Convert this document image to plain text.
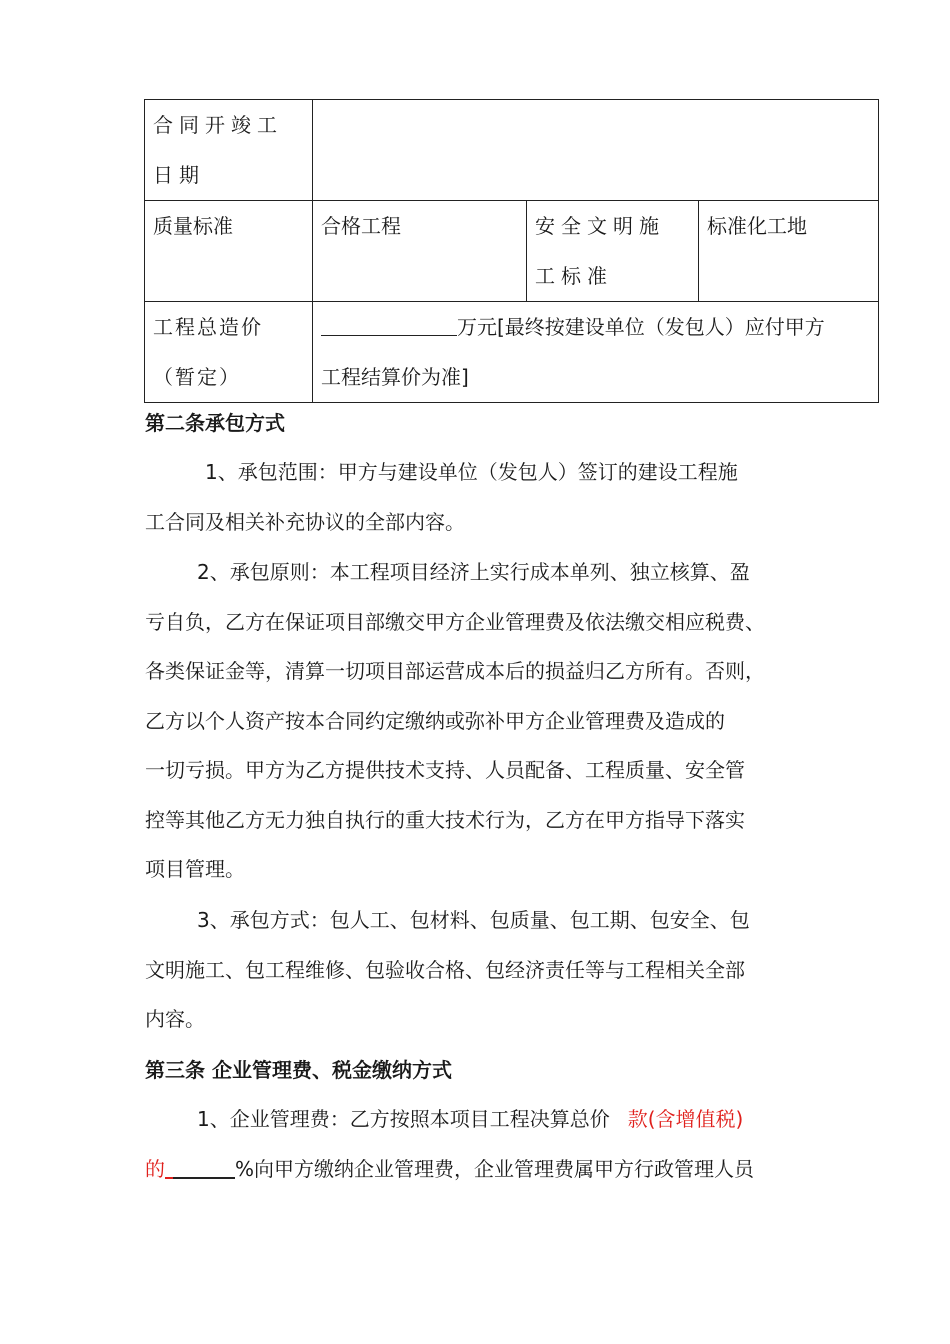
合同开竣工日期			
质量标准	合格工程	安全文明施工标准	标准化工地
工程总造价（暂定）	万元[最终按建设单位（发包人）应付甲方
工程结算价为准]		
第二条承包方式
1、承包范围：甲方与建设单位（发包人）签订的建设工程施
工合同及相关补充协议的全部内容。
2、承包原则：本工程项目经济上实行成本单列、独立核算、盈
亏自负，乙方在保证项目部缴交甲方企业管理费及依法缴交相应税费、
各类保证金等，清算一切项目部运营成本后的损益归乙方所有。否则，
乙方以个人资产按本合同约定缴纳或弥补甲方企业管理费及造成的
一切亏损。甲方为乙方提供技术支持、人员配备、工程质量、安全管
控等其他乙方无力独自执行的重大技术行为，乙方在甲方指导下落实
项目管理。
3、承包方式：包人工、包材料、包质量、包工期、包安全、包
文明施工、包工程维修、包验收合格、包经济责任等与工程相关全部
内容。
第三条 企业管理费、税金缴纳方式
1、企业管理费：乙方按照本项目工程决算总价 款(含增值税)
的	%向甲方缴纳企业管理费，企业管理费属甲方行政管理人员
